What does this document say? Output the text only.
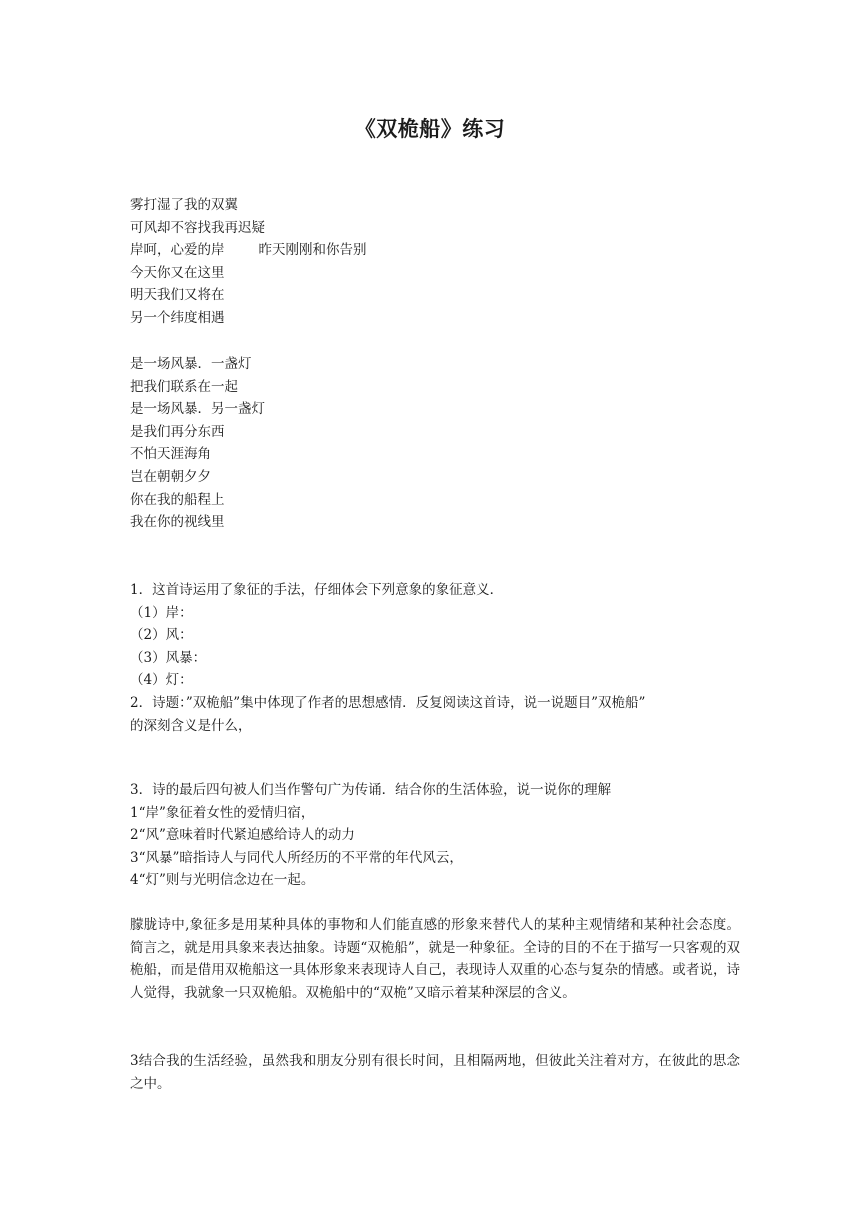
《双桅船》练习
雾打湿了我的双翼
可风却不容找我再迟疑
岸呵，心爱的岸	昨天刚刚和你告别
今天你又在这里
明天我们又将在
另一个纬度相遇
是一场风暴．一盏灯
把我们联系在一起
是一场风暴．另一盏灯
是我们再分东西
不怕天涯海角
岂在朝朝夕夕
你在我的船程上
我在你的视线里
1．这首诗运用了象征的手法，仔细体会下列意象的象征意义．
（1）岸：
（2）风：
（3）风暴：
（4）灯：
2．诗题：”双桅船”集中体现了作者的思想感情．反复阅读这首诗，说一说题目”双桅船”
的深刻含义是什么，
3．诗的最后四句被人们当作警句广为传诵．结合你的生活体验，说一说你的理解
1“岸”象征着女性的爱情归宿，
2“风”意味着时代紧迫感给诗人的动力
3“风暴”暗指诗人与同代人所经历的不平常的年代风云，
4“灯”则与光明信念边在一起。

朦胧诗中,象征多是用某种具体的事物和人们能直感的形象来替代人的某种主观情绪和某种社会态度。简言之，就是用具象来表达抽象。诗题“双桅船”，就是一种象征。全诗的目的不在于描写一只客观的双桅船，而是借用双桅船这一具体形象来表现诗人自己，表现诗人双重的心态与复杂的情感。或者说，诗人觉得，我就象一只双桅船。双桅船中的“双桅”又暗示着某种深层的含义。

3结合我的生活经验，虽然我和朋友分别有很长时间，且相隔两地，但彼此关注着对方，在彼此的思念之中。
